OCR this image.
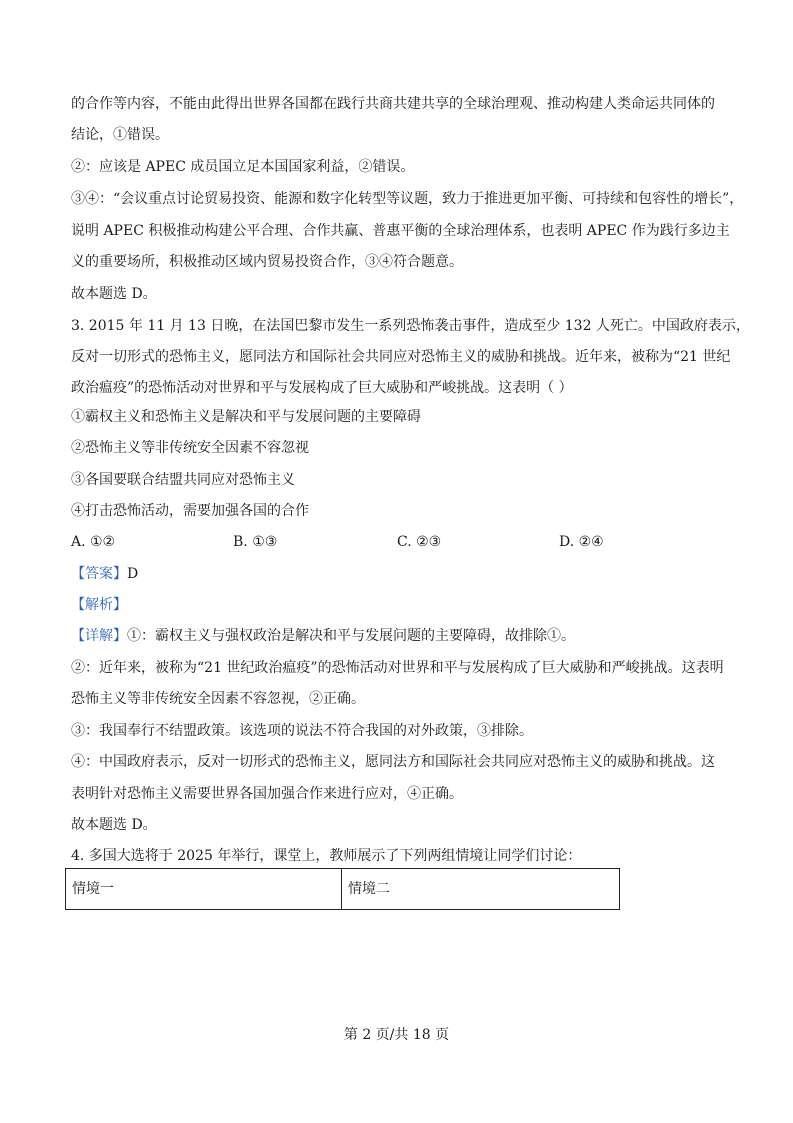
的合作等内容，不能由此得出世界各国都在践行共商共建共享的全球治理观、推动构建人类命运共同体的
结论，①错误。
②：应该是 APEC 成员国立足本国国家利益，②错误。
③④：“会议重点讨论贸易投资、能源和数字化转型等议题，致力于推进更加平衡、可持续和包容性的增长”，
说明 APEC 积极推动构建公平合理、合作共赢、普惠平衡的全球治理体系，也表明 APEC 作为践行多边主
义的重要场所，积极推动区域内贸易投资合作，③④符合题意。
故本题选 D。
3. 2015 年 11 月 13 日晚，在法国巴黎市发生一系列恐怖袭击事件，造成至少 132 人死亡。中国政府表示，
反对一切形式的恐怖主义，愿同法方和国际社会共同应对恐怖主义的威胁和挑战。近年来，被称为“21 世纪
政治瘟疫”的恐怖活动对世界和平与发展构成了巨大威胁和严峻挑战。这表明（ ）
①霸权主义和恐怖主义是解决和平与发展问题的主要障碍
②恐怖主义等非传统安全因素不容忽视
③各国要联合结盟共同应对恐怖主义
④打击恐怖活动，需要加强各国的合作
A. ①②	B. ①③	C. ②③	D. ②④
【答案】D
【解析】
【详解】①：霸权主义与强权政治是解决和平与发展问题的主要障碍，故排除①。
②：近年来，被称为“21 世纪政治瘟疫”的恐怖活动对世界和平与发展构成了巨大威胁和严峻挑战。这表明
恐怖主义等非传统安全因素不容忽视，②正确。
③：我国奉行不结盟政策。该选项的说法不符合我国的对外政策，③排除。
④：中国政府表示，反对一切形式的恐怖主义，愿同法方和国际社会共同应对恐怖主义的威胁和挑战。这
表明针对恐怖主义需要世界各国加强合作来进行应对，④正确。
故本题选 D。
4. 多国大选将于 2025 年举行，课堂上，教师展示了下列两组情境让同学们讨论：
情境一	情境二
第 2 页/共 18 页
